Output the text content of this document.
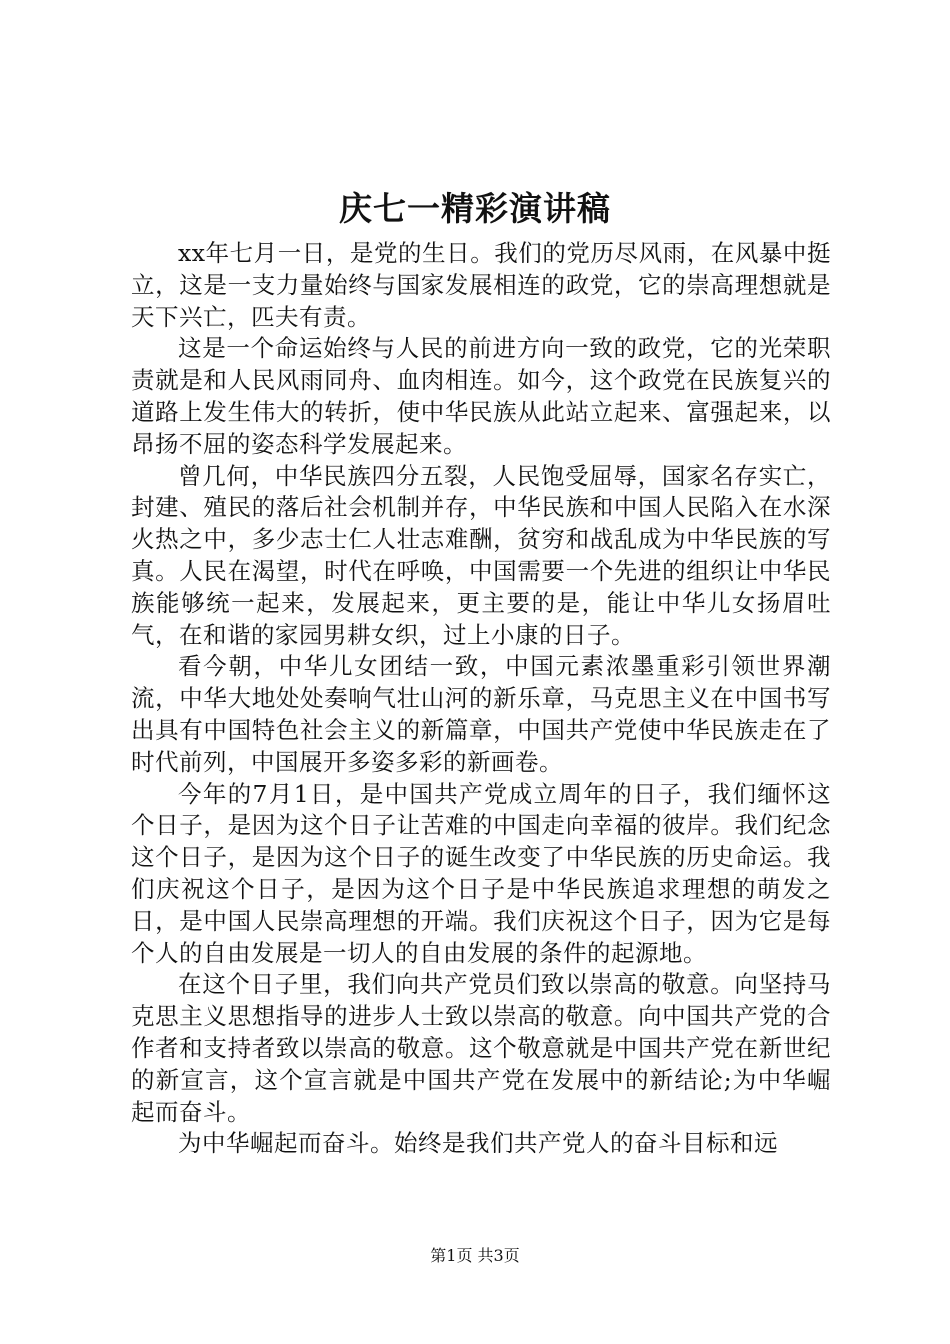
庆七一精彩演讲稿

xx年七月一日，是党的生日。我们的党历尽风雨，在风暴中挺立，这是一支力量始终与国家发展相连的政党，它的崇高理想就是天下兴亡，匹夫有责。

这是一个命运始终与人民的前进方向一致的政党，它的光荣职责就是和人民风雨同舟、血肉相连。如今，这个政党在民族复兴的道路上发生伟大的转折，使中华民族从此站立起来、富强起来，以昂扬不屈的姿态科学发展起来。

曾几何，中华民族四分五裂，人民饱受屈辱，国家名存实亡，封建、殖民的落后社会机制并存，中华民族和中国人民陷入在水深火热之中，多少志士仁人壮志难酬，贫穷和战乱成为中华民族的写真。人民在渴望，时代在呼唤，中国需要一个先进的组织让中华民族能够统一起来，发展起来，更主要的是，能让中华儿女扬眉吐气，在和谐的家园男耕女织，过上小康的日子。

看今朝，中华儿女团结一致，中国元素浓墨重彩引领世界潮流，中华大地处处奏响气壮山河的新乐章，马克思主义在中国书写出具有中国特色社会主义的新篇章，中国共产党使中华民族走在了时代前列，中国展开多姿多彩的新画卷。

今年的7月1日，是中国共产党成立周年的日子，我们缅怀这个日子，是因为这个日子让苦难的中国走向幸福的彼岸。我们纪念这个日子，是因为这个日子的诞生改变了中华民族的历史命运。我们庆祝这个日子，是因为这个日子是中华民族追求理想的萌发之日，是中国人民崇高理想的开端。我们庆祝这个日子，因为它是每个人的自由发展是一切人的自由发展的条件的起源地。

在这个日子里，我们向共产党员们致以崇高的敬意。向坚持马克思主义思想指导的进步人士致以崇高的敬意。向中国共产党的合作者和支持者致以崇高的敬意。这个敬意就是中国共产党在新世纪的新宣言，这个宣言就是中国共产党在发展中的新结论;为中华崛起而奋斗。

为中华崛起而奋斗。始终是我们共产党人的奋斗目标和远

第1页 共3页
